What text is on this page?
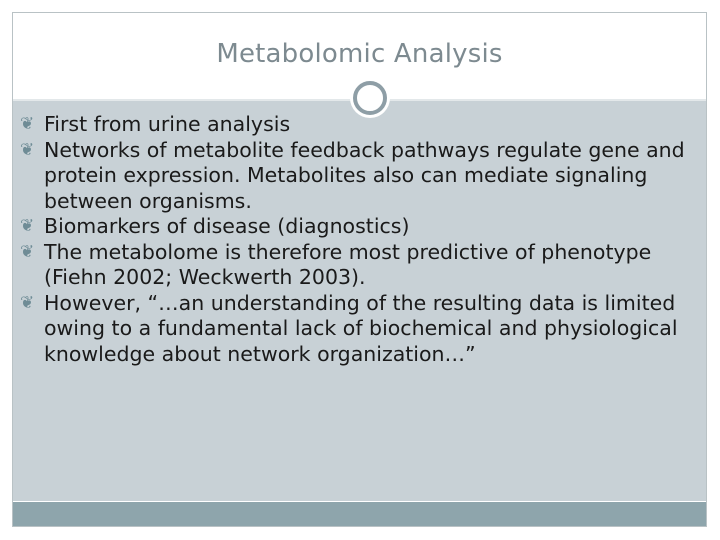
Metabolomic Analysis
❦ First from urine analysis
❦ Networks of metabolite feedback pathways regulate gene and protein expression. Metabolites also can mediate signaling between organisms.
❦ Biomarkers of disease (diagnostics)
❦ The metabolome is therefore most predictive of phenotype (Fiehn 2002; Weckwerth 2003).
❦ However, “…an understanding of the resulting data is limited owing to a fundamental lack of biochemical and physiological knowledge about network organization…”
